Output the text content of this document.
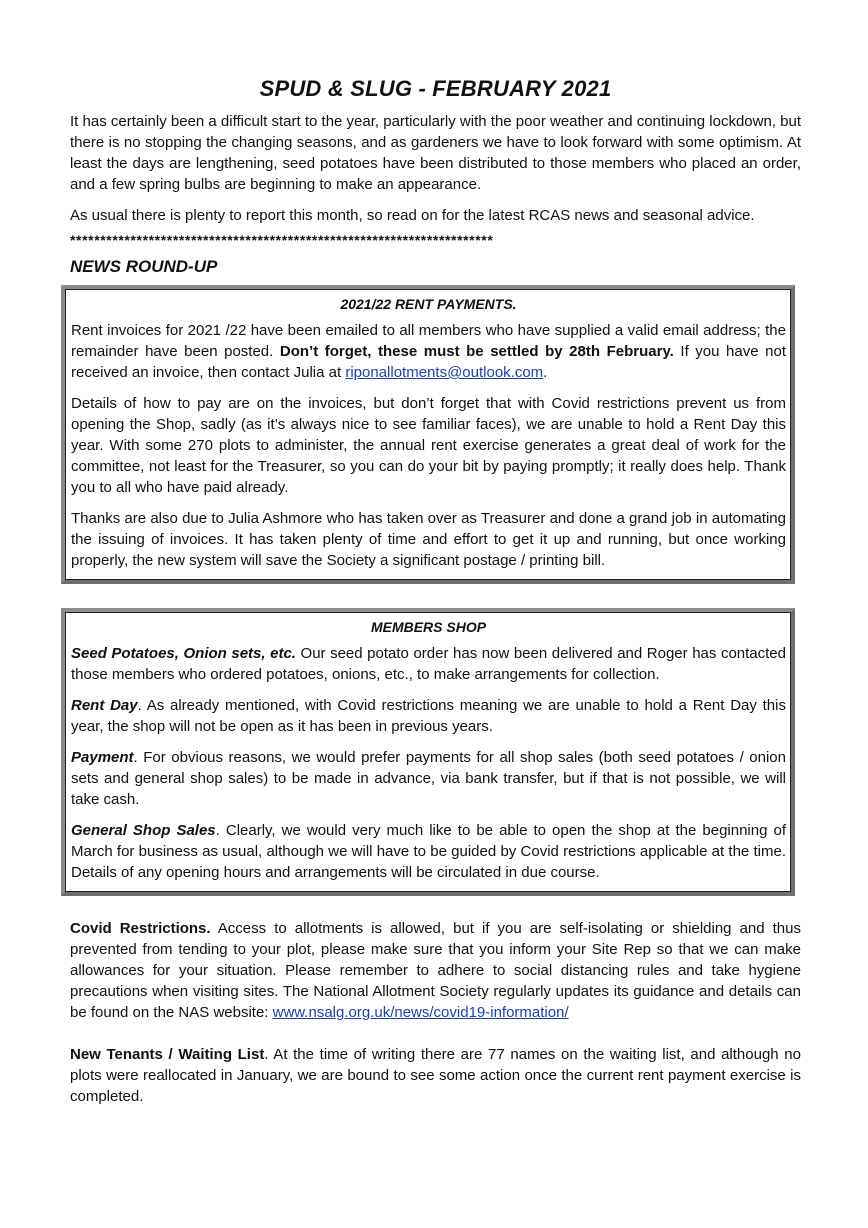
SPUD & SLUG - FEBRUARY 2021

It has certainly been a difficult start to the year, particularly with the poor weather and continuing lockdown, but there is no stopping the changing seasons, and as gardeners we have to look forward with some optimism. At least the days are lengthening, seed potatoes have been distributed to those members who placed an order, and a few spring bulbs are beginning to make an appearance.

As usual there is plenty to report this month, so read on for the latest RCAS news and seasonal advice.

**********************************************************************
NEWS ROUND-UP
2021/22 RENT PAYMENTS.

Rent invoices for 2021 /22 have been emailed to all members who have supplied a valid email address; the remainder have been posted. Don’t forget, these must be settled by 28th February. If you have not received an invoice, then contact Julia at riponallotments@outlook.com.

Details of how to pay are on the invoices, but don’t forget that with Covid restrictions prevent us from opening the Shop, sadly (as it’s always nice to see familiar faces), we are unable to hold a Rent Day this year. With some 270 plots to administer, the annual rent exercise generates a great deal of work for the committee, not least for the Treasurer, so you can do your bit by paying promptly; it really does help. Thank you to all who have paid already.

Thanks are also due to Julia Ashmore who has taken over as Treasurer and done a grand job in automating the issuing of invoices. It has taken plenty of time and effort to get it up and running, but once working properly, the new system will save the Society a significant postage / printing bill.

MEMBERS SHOP

Seed Potatoes, Onion sets, etc. Our seed potato order has now been delivered and Roger has contacted those members who ordered potatoes, onions, etc., to make arrangements for collection.

Rent Day. As already mentioned, with Covid restrictions meaning we are unable to hold a Rent Day this year, the shop will not be open as it has been in previous years.

Payment. For obvious reasons, we would prefer payments for all shop sales (both seed potatoes / onion sets and general shop sales) to be made in advance, via bank transfer, but if that is not possible, we will take cash.

General Shop Sales. Clearly, we would very much like to be able to open the shop at the beginning of March for business as usual, although we will have to be guided by Covid restrictions applicable at the time. Details of any opening hours and arrangements will be circulated in due course.

Covid Restrictions. Access to allotments is allowed, but if you are self-isolating or shielding and thus prevented from tending to your plot, please make sure that you inform your Site Rep so that we can make allowances for your situation. Please remember to adhere to social distancing rules and take hygiene precautions when visiting sites. The National Allotment Society regularly updates its guidance and details can be found on the NAS website: www.nsalg.org.uk/news/covid19-information/

New Tenants / Waiting List. At the time of writing there are 77 names on the waiting list, and although no plots were reallocated in January, we are bound to see some action once the current rent payment exercise is completed.
